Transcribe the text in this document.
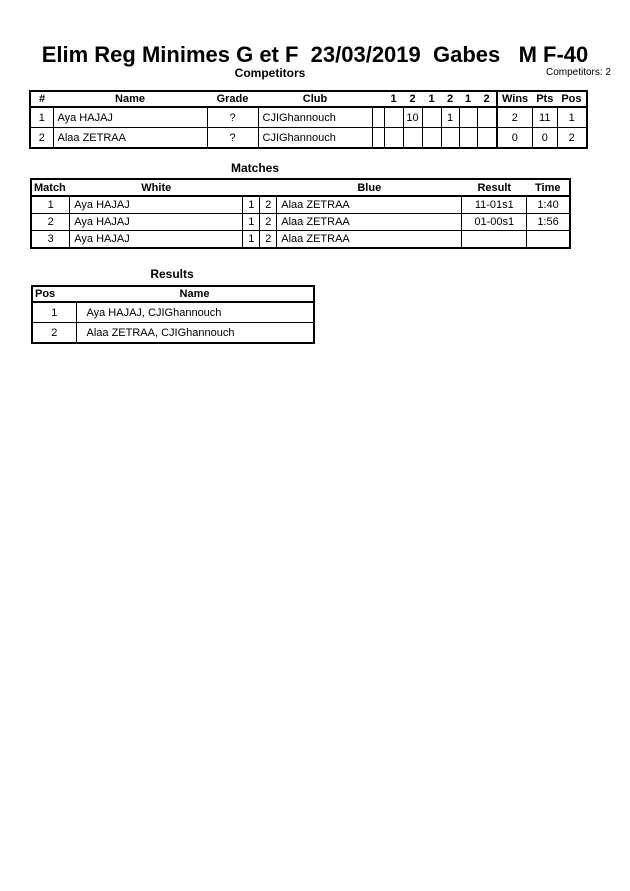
Elim Reg Minimes G et F  23/03/2019  Gabes   M F-40
Competitors	Competitors: 2
#	Name	Grade	Club		1	2	1	2	1	2	Wins	Pts	Pos
1	Aya HAJAJ	?	CJIGhannouch			10		1			2	11	1
2	Alaa ZETRAA	?	CJIGhannouch								0	0	2
Matches
Match	White			Blue	Result	Time
1	Aya HAJAJ	1	2	Alaa ZETRAA	11-01s1	1:40
2	Aya HAJAJ	1	2	Alaa ZETRAA	01-00s1	1:56
3	Aya HAJAJ	1	2	Alaa ZETRAA		
Results
Pos	Name
1	Aya HAJAJ, CJIGhannouch
2	Alaa ZETRAA, CJIGhannouch
